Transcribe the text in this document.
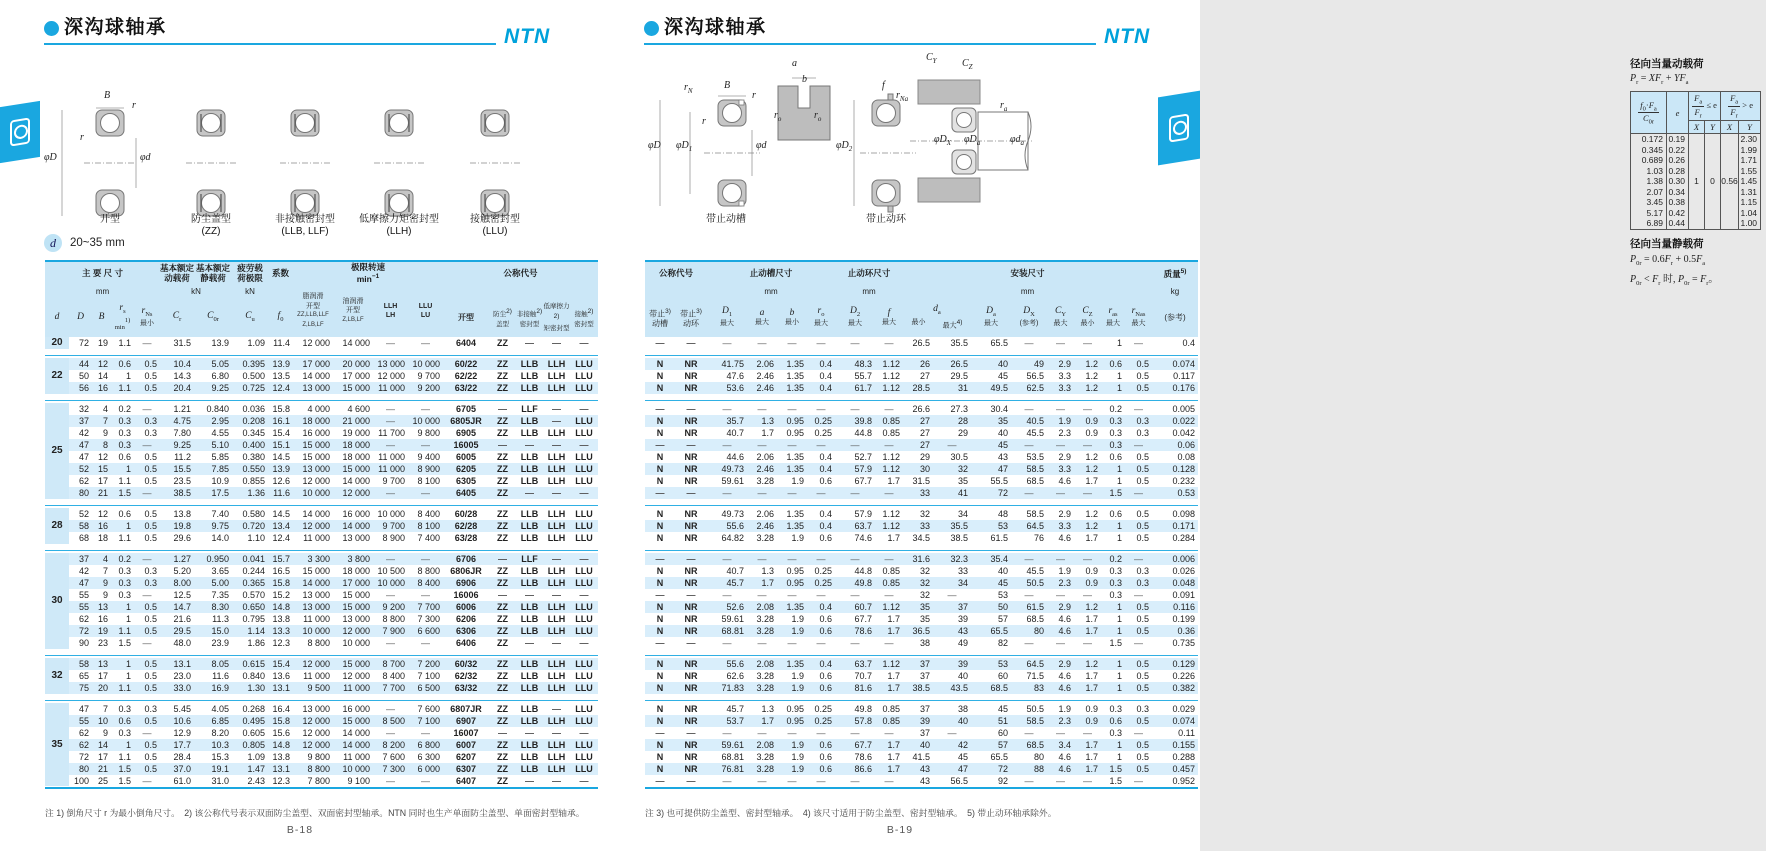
深沟球轴承	NTN
B
r
r
φD	φd
开型	防尘盖型
(ZZ)
非接触密封型
(LLB, LLF)
低摩擦力矩密封型
(LLH)
接触密封型
(LLU)
d	20~35 mm
主 要 尺 寸	基本额定
动载荷

基本额定
静载荷

疲劳载
荷极限	系数

极限转速
$\min^{-1}$	公称代号

mm	kN	kN

脂润滑
开型
ZZ,LLB,LLF
Z,LB,LF

油润滑
开型
Z,LB,LF

LLH
LH

LLU
LU

d	D	B

$r_{s min}^{1)}$

$r_{Ns}$
最小

$C_r$	$C_{0r}$	$C_u$	$f_0$	开型	防尘$^{2)}$
盖型

非接触$^{2)}$
密封型

低摩擦力$^{2)}$
矩密封型

接触$^{2)}$
密封型

20	72	19	1.1	—	31.5	13.9	1.09	11.4	12 000	14 000	—	—	6404	ZZ	—	—	—

22	44	12	0.6	0.5	10.4	5.05	0.395	13.9	17 000	20 000	13 000	10 000	60/22	ZZ	LLB	LLH	LLU
	50	14	1	0.5	14.3	6.80	0.500	13.5	14 000	17 000	12 000	9 700	62/22	ZZ	LLB	LLH	LLU
	56	16	1.1	0.5	20.4	9.25	0.725	12.4	13 000	15 000	11 000	9 200	63/22	ZZ	LLB	LLH	LLU

25	32	4	0.2	—	1.21	0.840	0.036	15.8	4 000	4 600	—	—	6705	—	LLF	—	—
	37	7	0.3	0.3	4.75	2.95	0.208	16.1	18 000	21 000	—	10 000	6805JR	ZZ	LLB	—	LLU
	42	9	0.3	0.3	7.80	4.55	0.345	15.4	16 000	19 000	11 700	9 800	6905	ZZ	LLB	LLH	LLU
	47	8	0.3	—	9.25	5.10	0.400	15.1	15 000	18 000	—	—	16005	—	—	—	—
	47	12	0.6	0.5	11.2	5.85	0.380	14.5	15 000	18 000	11 000	9 400	6005	ZZ	LLB	LLH	LLU
	52	15	1	0.5	15.5	7.85	0.550	13.9	13 000	15 000	11 000	8 900	6205	ZZ	LLB	LLH	LLU
	62	17	1.1	0.5	23.5	10.9	0.855	12.6	12 000	14 000	9 700	8 100	6305	ZZ	LLB	LLH	LLU
	80	21	1.5	—	38.5	17.5	1.36	11.6	10 000	12 000	—	—	6405	ZZ	—	—	—

28	52	12	0.6	0.5	13.8	7.40	0.580	14.5	14 000	16 000	10 000	8 400	60/28	ZZ	LLB	LLH	LLU
	58	16	1	0.5	19.8	9.75	0.720	13.4	12 000	14 000	9 700	8 100	62/28	ZZ	LLB	LLH	LLU
	68	18	1.1	0.5	29.6	14.0	1.10	12.4	11 000	13 000	8 900	7 400	63/28	ZZ	LLB	LLH	LLU

30	37	4	0.2	—	1.27	0.950	0.041	15.7	3 300	3 800	—	—	6706	—	LLF	—	—
	42	7	0.3	0.3	5.20	3.65	0.244	16.5	15 000	18 000	10 500	8 800	6806JR	ZZ	LLB	LLH	LLU
	47	9	0.3	0.3	8.00	5.00	0.365	15.8	14 000	17 000	10 000	8 400	6906	ZZ	LLB	LLH	LLU
	55	9	0.3	—	12.5	7.35	0.570	15.2	13 000	15 000	—	—	16006	—	—	—	—
	55	13	1	0.5	14.7	8.30	0.650	14.8	13 000	15 000	9 200	7 700	6006	ZZ	LLB	LLH	LLU
	62	16	1	0.5	21.6	11.3	0.795	13.8	11 000	13 000	8 800	7 300	6206	ZZ	LLB	LLH	LLU
	72	19	1.1	0.5	29.5	15.0	1.14	13.3	10 000	12 000	7 900	6 600	6306	ZZ	LLB	LLH	LLU
	90	23	1.5	—	48.0	23.9	1.86	12.3	8 800	10 000	—	—	6406	ZZ	—	—	—

32	58	13	1	0.5	13.1	8.05	0.615	15.4	12 000	15 000	8 700	7 200	60/32	ZZ	LLB	LLH	LLU
	65	17	1	0.5	23.0	11.6	0.840	13.6	11 000	12 000	8 400	7 100	62/32	ZZ	LLB	LLH	LLU
	75	20	1.1	0.5	33.0	16.9	1.30	13.1	9 500	11 000	7 700	6 500	63/32	ZZ	LLB	LLH	LLU

35	47	7	0.3	0.3	5.45	4.05	0.268	16.4	13 000	16 000	—	7 600	6807JR	ZZ	LLB	—	LLU
	55	10	0.6	0.5	10.6	6.85	0.495	15.8	12 000	15 000	8 500	7 100	6907	ZZ	LLB	LLH	LLU
	62	9	0.3	—	12.9	8.20	0.605	15.6	12 000	14 000	—	—	16007	—	—	—	—
	62	14	1	0.5	17.7	10.3	0.805	14.8	12 000	14 000	8 200	6 800	6007	ZZ	LLB	LLH	LLU
	72	17	1.1	0.5	28.4	15.3	1.09	13.8	9 800	11 000	7 600	6 300	6207	ZZ	LLB	LLH	LLU
	80	21	1.5	0.5	37.0	19.1	1.47	13.1	8 800	10 000	7 300	6 000	6307	ZZ	LLB	LLH	LLU
	100	25	1.5	—	61.0	31.0	2.43	12.3	7 800	9 100	—	—	6407	ZZ	—	—	—
注 1) 倒角尺寸 r 为最小倒角尺寸。　2) 该公称代号表示双面防尘盖型、双面密封型轴承。NTN 同时也生产单面防尘盖型、单面密封型轴承。
B-18
深沟球轴承	NTN
$r_N$	B
r
r
φD $\varphi D_1$	φd
带止动槽
a
b
$r_o$	$r_o$
f
$\varphi D_2$
带止动环
$C_Y$	$C_Z$
$r_{Na}$
$r_a$
$\varphi D_X$ $\varphi D_a$	$\varphi d_a$
径向当量动载荷
$P_r = XF_r + YF_a$
$\frac{f_0\cdot F_a}{C_{0r}}$	e	$\frac{F_a}{F_r} \le e$		$\frac{F_a}{F_r} > e$	
		X	Y	X	Y
0.172	0.19	1	0	0.56	2.30
0.345	0.22				1.99
0.689	0.26				1.71
1.03	0.28				1.55
1.38	0.30				1.45
2.07	0.34				1.31
3.45	0.38				1.15
5.17	0.42				1.04
6.89	0.44				1.00
径向当量静载荷
$P_{0r} = 0.6F_r + 0.5F_a$
$P_{0r} < F_r$ 时, $P_{0r} = F_r$。
公称代号		止动槽尺寸				止动环尺寸		安装尺寸								质量$^{5)}$

		mm				mm		mm								kg

带止$^{3)}$
动槽

带止$^{3)}$
动环

$D_1$
最大

a
最大

b
最小

$r_o$
最大

$D_2$
最大

f
最大

$d_a$
最小 最大$^{4)}$

$D_a$
最大

$D_X$
(参考)

$C_Y$
最大

$C_Z$
最小

$r_{as}$
最大

$r_{Nas}$
最大

(参考)

—	—	—	—	—	—	—	—	26.5	35.5	65.5	—	—	—	1	—	0.4

N	NR	41.75	2.06	1.35	0.4	48.3	1.12	26	26.5	40	49	2.9	1.2	0.6	0.5	0.074
N	NR	47.6	2.46	1.35	0.4	55.7	1.12	27	29.5	45	56.5	3.3	1.2	1	0.5	0.117
N	NR	53.6	2.46	1.35	0.4	61.7	1.12	28.5	31	49.5	62.5	3.3	1.2	1	0.5	0.176

—	—	—	—	—	—	—	—	26.6	27.3	30.4	—	—	—	0.2	—	0.005
N	NR	35.7	1.3	0.95	0.25	39.8	0.85	27	28	35	40.5	1.9	0.9	0.3	0.3	0.022
N	NR	40.7	1.7	0.95	0.25	44.8	0.85	27	29	40	45.5	2.3	0.9	0.3	0.3	0.042
—	—	—	—	—	—	—	—	27	—	45	—	—	—	0.3	—	0.06
N	NR	44.6	2.06	1.35	0.4	52.7	1.12	29	30.5	43	53.5	2.9	1.2	0.6	0.5	0.08
N	NR	49.73	2.46	1.35	0.4	57.9	1.12	30	32	47	58.5	3.3	1.2	1	0.5	0.128
N	NR	59.61	3.28	1.9	0.6	67.7	1.7	31.5	35	55.5	68.5	4.6	1.7	1	0.5	0.232
—	—	—	—	—	—	—	—	33	41	72	—	—	—	1.5	—	0.53

N	NR	49.73	2.06	1.35	0.4	57.9	1.12	32	34	48	58.5	2.9	1.2	0.6	0.5	0.098
N	NR	55.6	2.46	1.35	0.4	63.7	1.12	33	35.5	53	64.5	3.3	1.2	1	0.5	0.171
N	NR	64.82	3.28	1.9	0.6	74.6	1.7	34.5	38.5	61.5	76	4.6	1.7	1	0.5	0.284

—	—	—	—	—	—	—	—	31.6	32.3	35.4	—	—	—	0.2	—	0.006
N	NR	40.7	1.3	0.95	0.25	44.8	0.85	32	33	40	45.5	1.9	0.9	0.3	0.3	0.026
N	NR	45.7	1.7	0.95	0.25	49.8	0.85	32	34	45	50.5	2.3	0.9	0.3	0.3	0.048
—	—	—	—	—	—	—	—	32	—	53	—	—	—	0.3	—	0.091
N	NR	52.6	2.08	1.35	0.4	60.7	1.12	35	37	50	61.5	2.9	1.2	1	0.5	0.116
N	NR	59.61	3.28	1.9	0.6	67.7	1.7	35	39	57	68.5	4.6	1.7	1	0.5	0.199
N	NR	68.81	3.28	1.9	0.6	78.6	1.7	36.5	43	65.5	80	4.6	1.7	1	0.5	0.36
—	—	—	—	—	—	—	—	38	49	82	—	—	—	1.5	—	0.735

N	NR	55.6	2.08	1.35	0.4	63.7	1.12	37	39	53	64.5	2.9	1.2	1	0.5	0.129
N	NR	62.6	3.28	1.9	0.6	70.7	1.7	37	40	60	71.5	4.6	1.7	1	0.5	0.226
N	NR	71.83	3.28	1.9	0.6	81.6	1.7	38.5	43.5	68.5	83	4.6	1.7	1	0.5	0.382

N	NR	45.7	1.3	0.95	0.25	49.8	0.85	37	38	45	50.5	1.9	0.9	0.3	0.3	0.029
N	NR	53.7	1.7	0.95	0.25	57.8	0.85	39	40	51	58.5	2.3	0.9	0.6	0.5	0.074
—	—	—	—	—	—	—	—	37	—	60	—	—	—	0.3	—	0.11
N	NR	59.61	2.08	1.9	0.6	67.7	1.7	40	42	57	68.5	3.4	1.7	1	0.5	0.155
N	NR	68.81	3.28	1.9	0.6	78.6	1.7	41.5	45	65.5	80	4.6	1.7	1	0.5	0.288
N	NR	76.81	3.28	1.9	0.6	86.6	1.7	43	47	72	88	4.6	1.7	1.5	0.5	0.457
—	—	—	—	—	—	—	—	43	56.5	92	—	—	—	1.5	—	0.952
注 3) 也可提供防尘盖型、密封型轴承。　4) 该尺寸适用于防尘盖型、密封型轴承。　5) 带止动环轴承除外。
B-19
